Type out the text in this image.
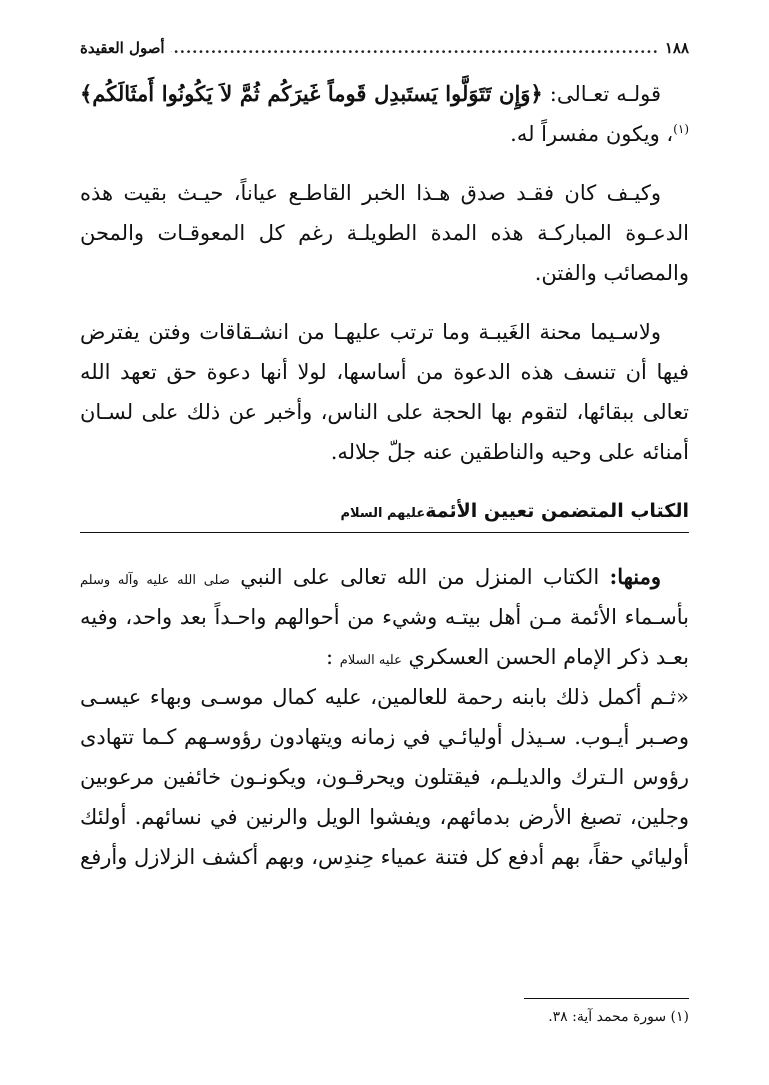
١٨٨
.....
أصول العقيدة

قولـه تعـالى: ﴿وَإِن تَتَوَلَّوا يَستَبدِل قَوماً غَيرَكُم ثُمَّ لاَ يَكُونُوا أَمثَالَكُم﴾$^{(١)}$، ويكون مفسراً له.

وكيـف كان فقـد صدق هـذا الخبر القاطـع عياناً، حيـث بقيت هذه الدعـوة المباركـة هذه المدة الطويلـة رغم كل المعوقـات والمحن والمصائب والفتن.

ولاسـيما محنة الغَيبـة وما ترتب عليهـا من انشـقاقات وفتن يفترض فيها أن تنسف هذه الدعوة من أساسها، لولا أنها دعوة حق تعهد الله تعالى ببقائها، لتقوم بها الحجة على الناس، وأخبر عن ذلك على لسـان أمنائه على وحيه والناطقين عنه جلّ جلاله.

الكتاب المتضمن تعيين الأئمةعليهم السلام

ومنها: الكتاب المنزل من الله تعالى على النبي صلى الله عليه وآله وسلم بأسـماء الأئمة مـن أهل بيتـه وشيء من أحوالهم واحـداً بعد واحد، وفيه بعـد ذكر الإمام الحسن العسكري عليه السلام :

«ثـم أكمل ذلك بابنه رحمة للعالمين، عليه كمال موسـى وبهاء عيسـى وصـبر أيـوب. سـيذل أوليائـي في زمانه ويتهادون رؤوسـهم كـما تتهادى رؤوس الـترك والديلـم، فيقتلون ويحرقـون، ويكونـون خائفين مرعوبين وجلين، تصبغ الأرض بدمائهم، ويفشوا الويل والرنين في نسائهم. أولئك أوليائي حقاً، بهم أدفع كل فتنة عمياء حِندِس، وبهم أكشف الزلازل وأرفع

(١) سورة محمد آية: ٣٨.
